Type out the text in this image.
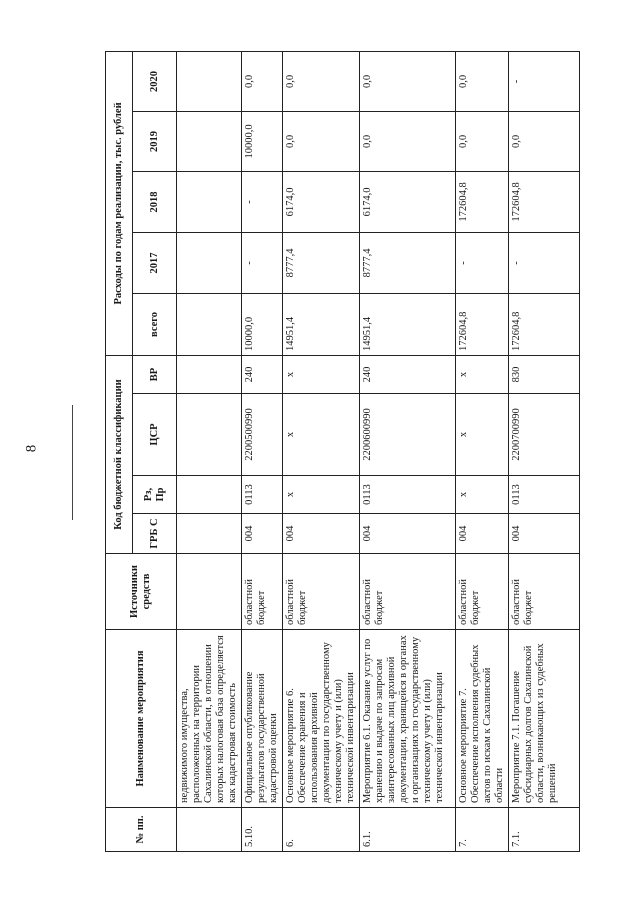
8
№ пп.	Наименование мероприятия	Источники средств	Код бюджетной классификации				Расходы по годам реализации, тыс. рублей				
			ГРБ С	Рз, Пр	ЦСР	ВР	всего	2017	2018	2019	2020
	недвижимого имущества, расположенных на территории Сахалинской области, в отношении которых налоговая база определяется как кадастровая стоимость										
5.10.	Официальное опубликование результатов государственной кадастровой оценки	областной бюджет	004	0113	2200500990	240	10000,0	-	-	10000,0	0,0
6.	Основное мероприятие 6. Обеспечение хранения и использования архивной документации по государственному техническому учету и (или) технической инвентаризации	областной бюджет	004	х	х	х	14951,4	8777,4	6174,0	0,0	0,0
6.1.	Мероприятие 6.1. Оказание услуг по хранению и выдаче по запросам заинтересованных лиц архивной документации, хранящейся в органах и организациях по государственному техническому учету и (или) технической инвентаризации	областной бюджет	004	0113	2200600990	240	14951,4	8777,4	6174,0	0,0	0,0
7.	Основное мероприятие 7. Обеспечение исполнения судебных актов по искам к Сахалинской области	областной бюджет	004	х	х	х	172604,8	-	172604,8	0,0	0,0
7.1.	Мероприятие 7.1. Погашение субсидиарных долгов Сахалинской области, возникающих из судебных решений	областной бюджет	004	0113	2200700990	830	172604,8	-	172604,8	0,0	-
